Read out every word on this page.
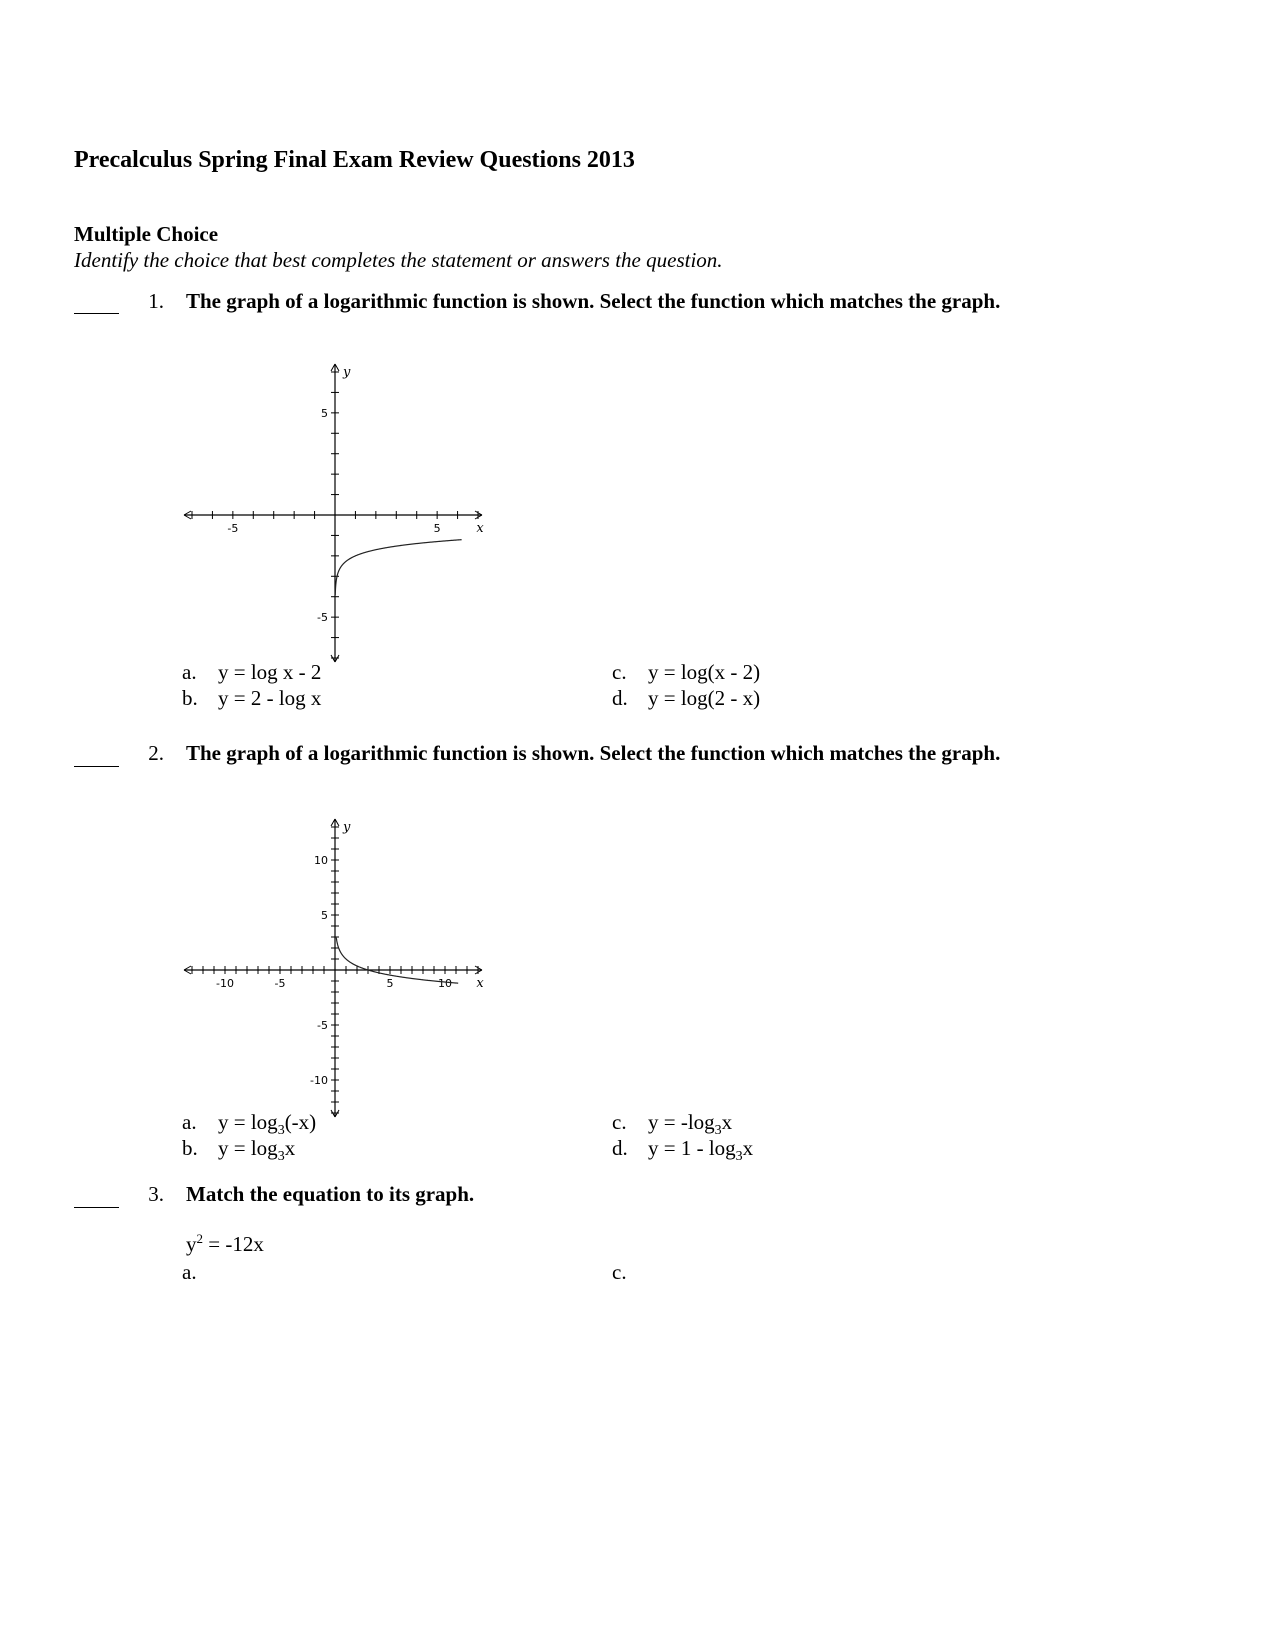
Precalculus Spring Final Exam Review Questions 2013
Multiple Choice
Identify the choice that best completes the statement or answers the question.
1. The graph of a logarithmic function is shown. Select the function which matches the graph.
-5	5
5
-5
x
y
a. y = log x - 2
b. y = 2 - log x
c. y = log(x - 2)
d. y = log(2 - x)
2. The graph of a logarithmic function is shown. Select the function which matches the graph.
-10	-5	5	10
10
5
-5
-10
x
y
a. $y = \log_3(-x)$
b. $y = \log_3x$
c. $y = -\log_3x$
d. $y = 1 - \log_3x$
3. Match the equation to its graph.
$y^2 = -12x$
a.	c.
